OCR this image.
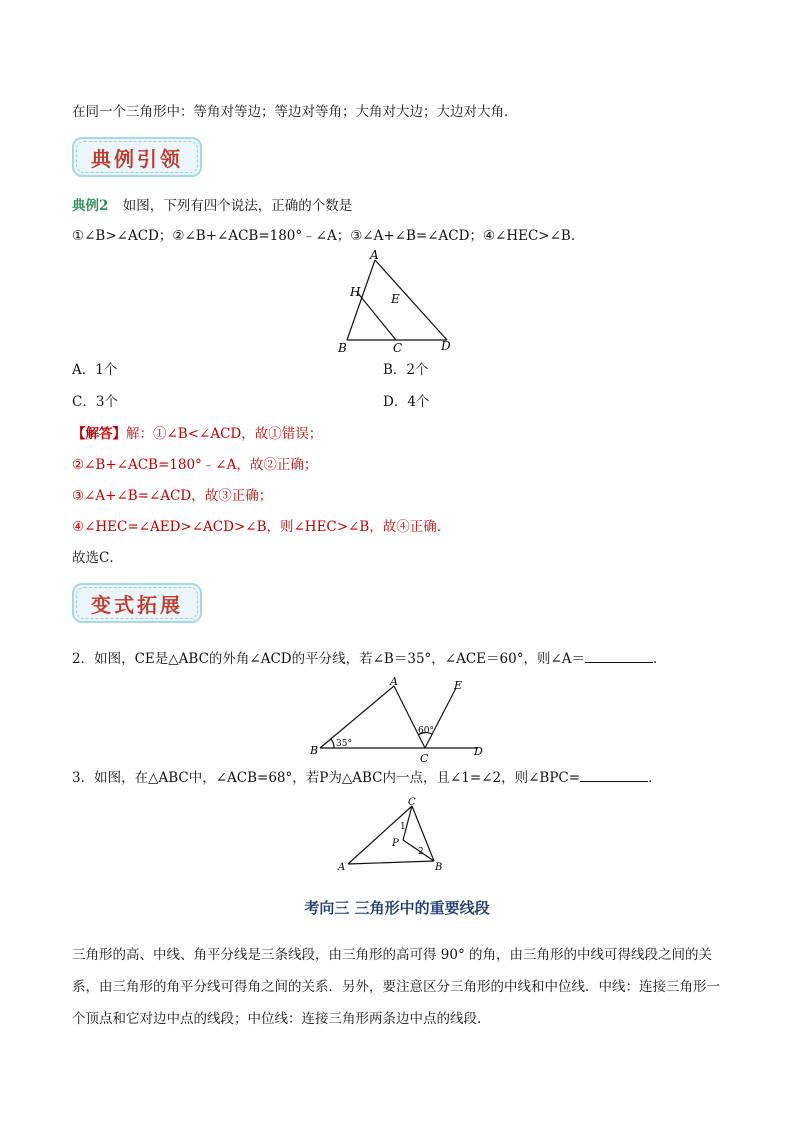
在同一个三角形中：等角对等边；等边对等角；大角对大边；大边对大角．
典例引领
典例2 如图，下列有四个说法，正确的个数是
①∠B>∠ACD；②∠B+∠ACB=180°﹣∠A；③∠A+∠B=∠ACD；④∠HEC>∠B．
A
B	C	D
E
H
A．1个	B．2个
C．3个	D．4个
【解答】解：①∠B<∠ACD，故①错误；
②∠B+∠ACB=180°﹣∠A，故②正确；
③∠A+∠B=∠ACD，故③正确；
④∠HEC=∠AED>∠ACD>∠B，则∠HEC>∠B，故④正确．
故选C．
变式拓展
2．如图，CE是△ABC的外角∠ACD的平分线，若∠B＝35°，∠ACE＝60°，则∠A＝	．
A
B
C
D
E
35°
60°
3．如图，在△ABC中，∠ACB=68°，若P为△ABC内一点，且∠1=∠2，则∠BPC=	．
C
A	B
P
1
2
考向三 三角形中的重要线段
三角形的高、中线、角平分线是三条线段，由三角形的高可得 90° 的角，由三角形的中线可得线段之间的关系，由三角形的角平分线可得角之间的关系．另外，要注意区分三角形的中线和中位线．中线：连接三角形一个顶点和它对边中点的线段；中位线：连接三角形两条边中点的线段.
